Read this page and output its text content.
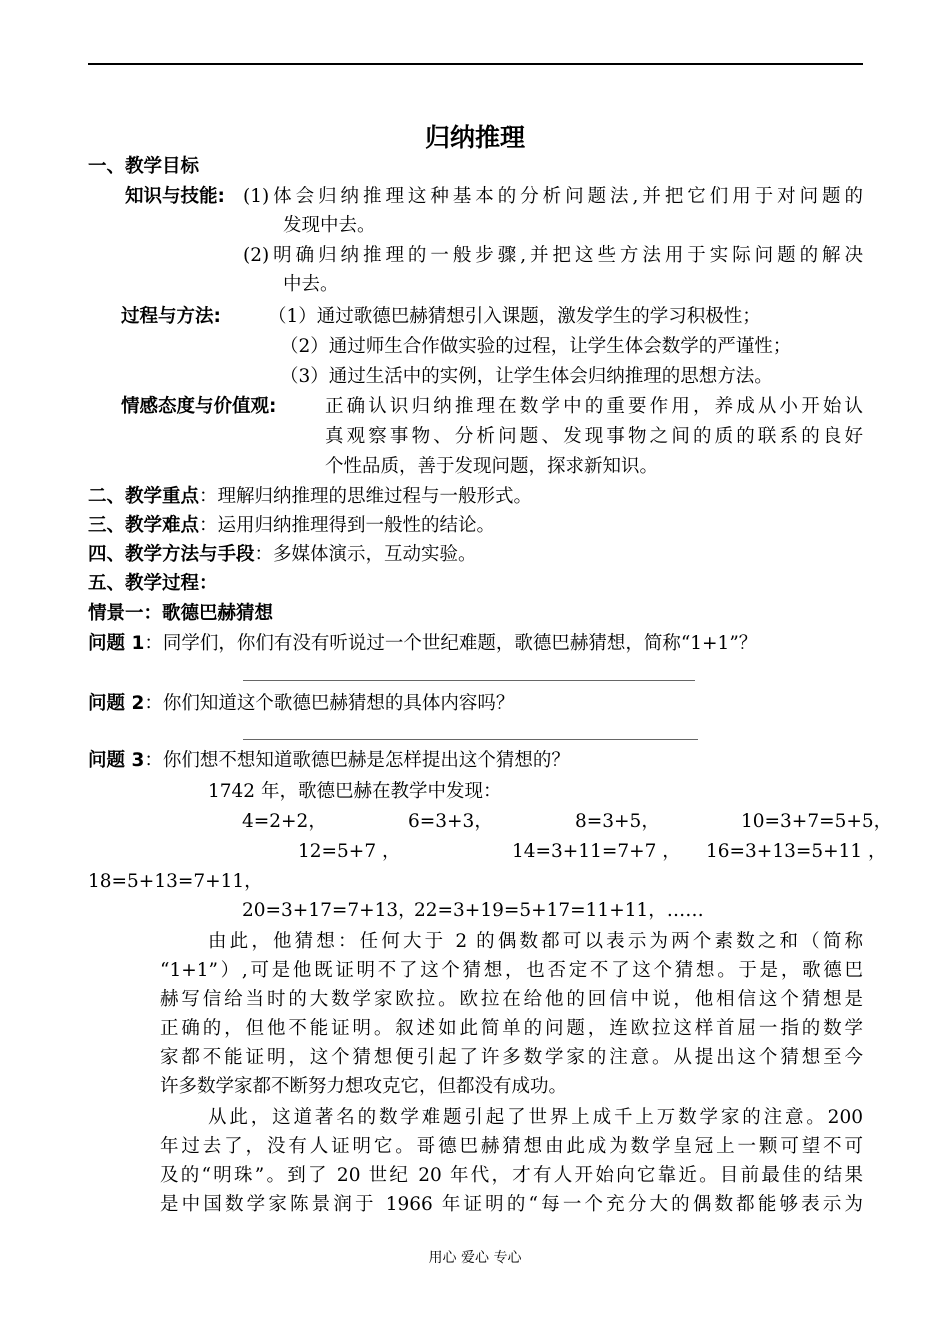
归纳推理
一、教学目标
知识与技能: (1)体会归纳推理这种基本的分析问题法,并把它们用于对问题的
发现中去。
(2)明确归纳推理的一般步骤,并把这些方法用于实际问题的解决
中去。
过程与方法:	（1）通过歌德巴赫猜想引入课题，激发学生的学习积极性；
（2）通过师生合作做实验的过程，让学生体会数学的严谨性；
（3）通过生活中的实例，让学生体会归纳推理的思想方法。
情感态度与价值观:	正确认识归纳推理在数学中的重要作用，养成从小开始认
真观察事物、分析问题、发现事物之间的质的联系的良好
个性品质，善于发现问题，探求新知识。
二、教学重点：理解归纳推理的思维过程与一般形式。
三、教学难点：运用归纳推理得到一般性的结论。
四、教学方法与手段：多媒体演示，互动实验。
五、教学过程：
情景一：歌德巴赫猜想
问题 1：同学们，你们有没有听说过一个世纪难题，歌德巴赫猜想，简称“1+1”？
问题 2：你们知道这个歌德巴赫猜想的具体内容吗？
问题 3：你们想不想知道歌德巴赫是怎样提出这个猜想的？
1742 年，歌德巴赫在教学中发现：
4=2+2，	6=3+3，	8=3+5，	10=3+7=5+5，
12=5+7 ，	14=3+11=7+7 ， 16=3+13=5+11 ，
18=5+13=7+11，
20=3+17=7+13，
22=3+19=5+17=11+11，……
由此，他猜想：任何大于 2 的偶数都可以表示为两个素数之和（简称
“1+1”）,可是他既证明不了这个猜想，也否定不了这个猜想。于是，歌德巴
赫写信给当时的大数学家欧拉。欧拉在给他的回信中说，他相信这个猜想是
正确的，但他不能证明。叙述如此简单的问题，连欧拉这样首屈一指的数学
家都不能证明，这个猜想便引起了许多数学家的注意。从提出这个猜想至今
许多数学家都不断努力想攻克它，但都没有成功。
从此，这道著名的数学难题引起了世界上成千上万数学家的注意。200
年过去了，没有人证明它。哥德巴赫猜想由此成为数学皇冠上一颗可望不可
及的“明珠”。到了 20 世纪 20 年代，才有人开始向它靠近。目前最佳的结果
是中国数学家陈景润于 1966 年证明的“每一个充分大的偶数都能够表示为
用心 爱心 专心
